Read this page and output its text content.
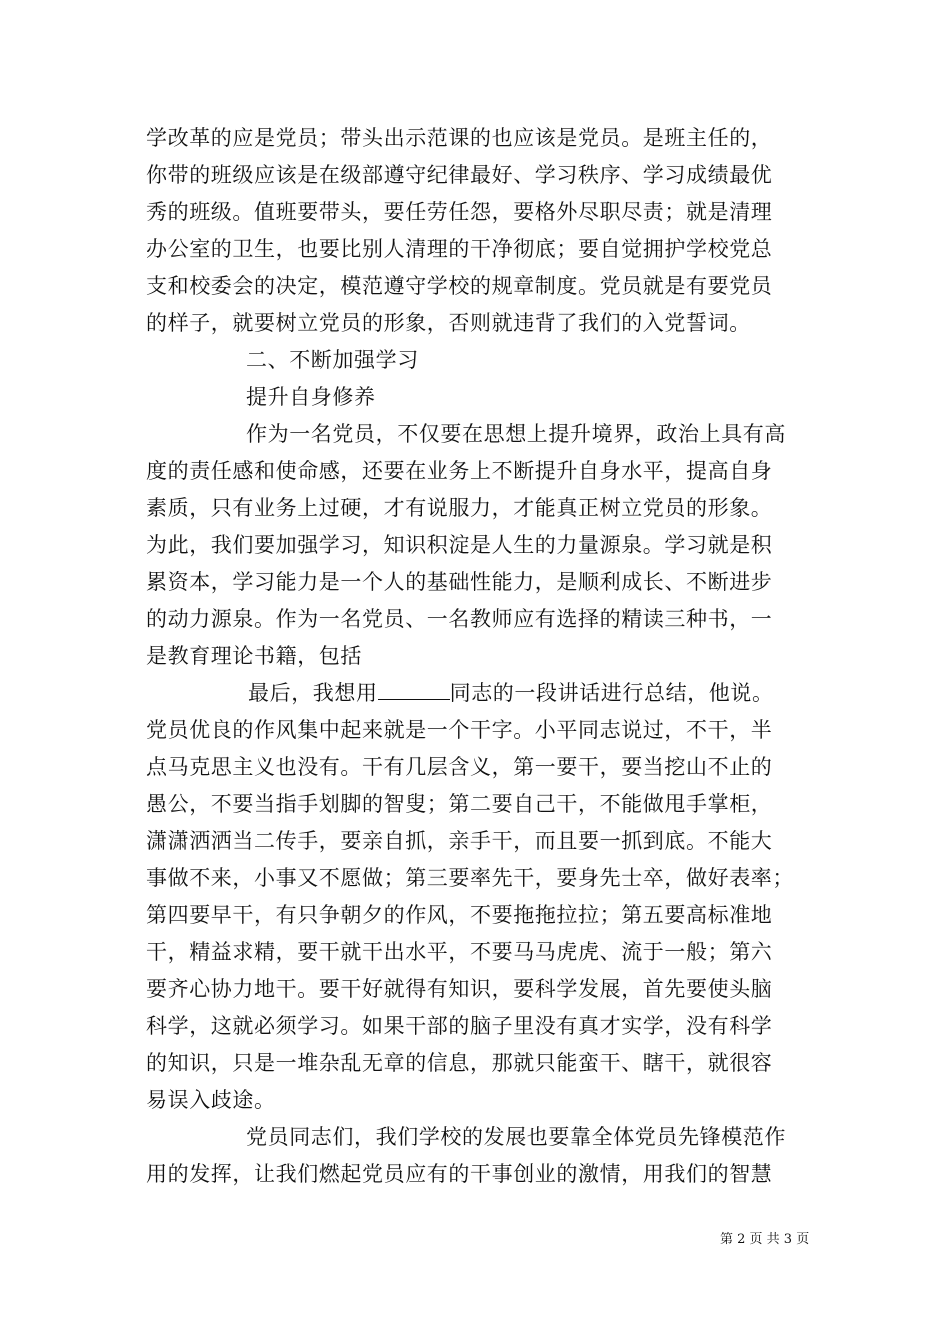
学改革的应是党员；带头出示范课的也应该是党员。是班主任的，
你带的班级应该是在级部遵守纪律最好、学习秩序、学习成绩最优
秀的班级。值班要带头，要任劳任怨，要格外尽职尽责；就是清理
办公室的卫生，也要比别人清理的干净彻底；要自觉拥护学校党总
支和校委会的决定，模范遵守学校的规章制度。党员就是有要党员
的样子，就要树立党员的形象，否则就违背了我们的入党誓词。
二、不断加强学习
提升自身修养
作为一名党员，不仅要在思想上提升境界，政治上具有高
度的责任感和使命感，还要在业务上不断提升自身水平，提高自身
素质，只有业务上过硬，才有说服力，才能真正树立党员的形象。
为此，我们要加强学习，知识积淀是人生的力量源泉。学习就是积
累资本，学习能力是一个人的基础性能力，是顺利成长、不断进步
的动力源泉。作为一名党员、一名教师应有选择的精读三种书，一
是教育理论书籍，包括
最后，我想用	同志的一段讲话进行总结，他说。
党员优良的作风集中起来就是一个干字。小平同志说过，不干，半
点马克思主义也没有。干有几层含义，第一要干，要当挖山不止的
愚公，不要当指手划脚的智叟；第二要自己干，不能做甩手掌柜，
潇潇洒洒当二传手，要亲自抓，亲手干，而且要一抓到底。不能大
事做不来，小事又不愿做；第三要率先干，要身先士卒，做好表率；
第四要早干，有只争朝夕的作风，不要拖拖拉拉；第五要高标准地
干，精益求精，要干就干出水平，不要马马虎虎、流于一般；第六
要齐心协力地干。要干好就得有知识，要科学发展，首先要使头脑
科学，这就必须学习。如果干部的脑子里没有真才实学，没有科学
的知识，只是一堆杂乱无章的信息，那就只能蛮干、瞎干，就很容
易误入歧途。
党员同志们，我们学校的发展也要靠全体党员先锋模范作
用的发挥，让我们燃起党员应有的干事创业的激情，用我们的智慧
第 2 页 共 3 页
